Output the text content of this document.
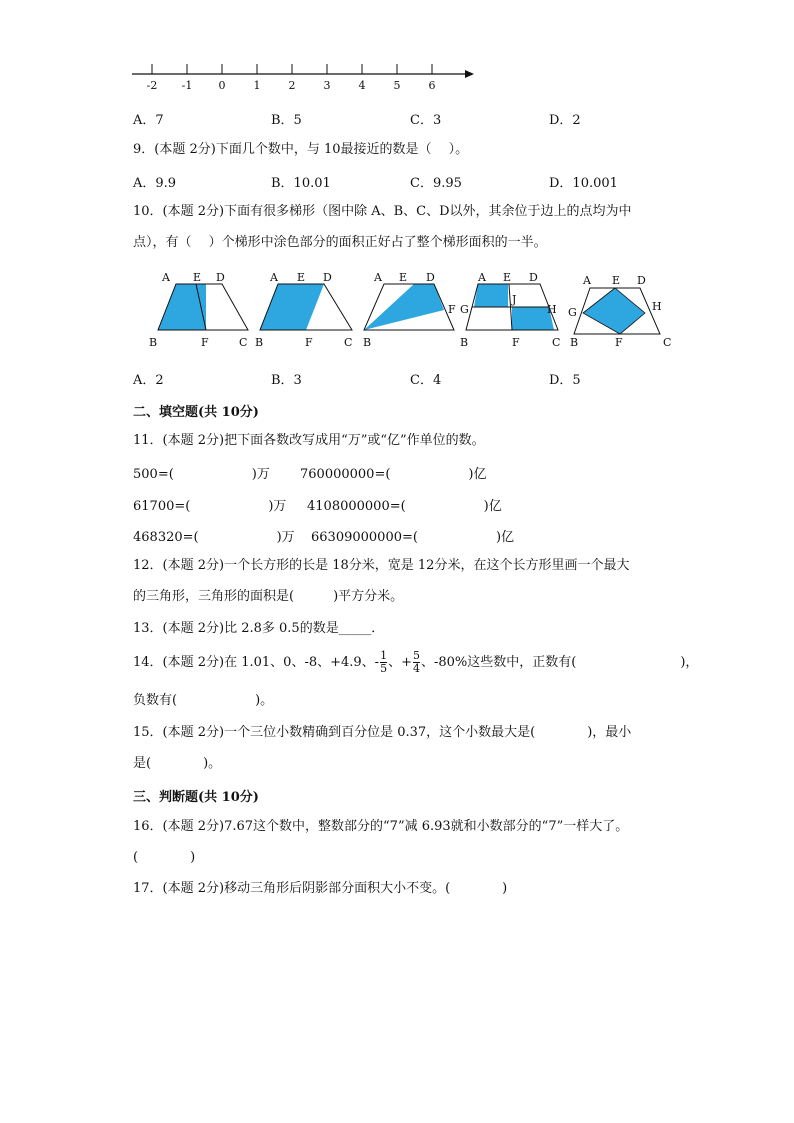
-2 -1 0	1	2	3	4	5	6
A．7	B．5	C．3	D．2
9．(本题 2分)下面几个数中，与 10最接近的数是（　 ）。
A．9.9	B．10.01	C．9.95	D．10.001
10．(本题 2分)下面有很多梯形（图中除 A、B、C、D以外，其余位于边上的点均为中
点），有（　 ）个梯形中涂色部分的面积正好占了整个梯形面积的一半。
A E D
B	F	C
A E D
B	F	C
A E D
F
B
A E D
G
J
H
B	F	C
A E D
G	H
B	F	C
A．2	B．3	C．4	D．5
二、填空题(共 10分)
11．(本题 2分)把下面各数改写成用“万”或“亿”作单位的数。
500=(　　　　　　)万 760000000=(　　　　　　)亿
61700=(　　　　　　)万 4108000000=(　　　　　　)亿
468320=(　　　　　　)万 66309000000=(　　　　　　)亿
12．(本题 2分)一个长方形的长是 18分米，宽是 12分米，在这个长方形里画一个最大
的三角形，三角形的面积是(　　　)平方分米。
13．(本题 2分)比 2.8多 0.5的数是_____．
14．(本题 2分)在 1.01、0、-8、+4.9、- $\frac{1}{5}$ 、+ $\frac{5}{4}$ 、-80%这些数中，正数有(　　　　　　　　)，
负数有(　　　　　　)。
15．(本题 2分)一个三位小数精确到百分位是 0.37，这个小数最大是(　　　　)，最小
是(　　　　)。
三、判断题(共 10分)
16．(本题 2分)7.67这个数中，整数部分的“7”减 6.93就和小数部分的“7”一样大了。
(　　　　)
17．(本题 2分)移动三角形后阴影部分面积大小不变。(　　　　)
